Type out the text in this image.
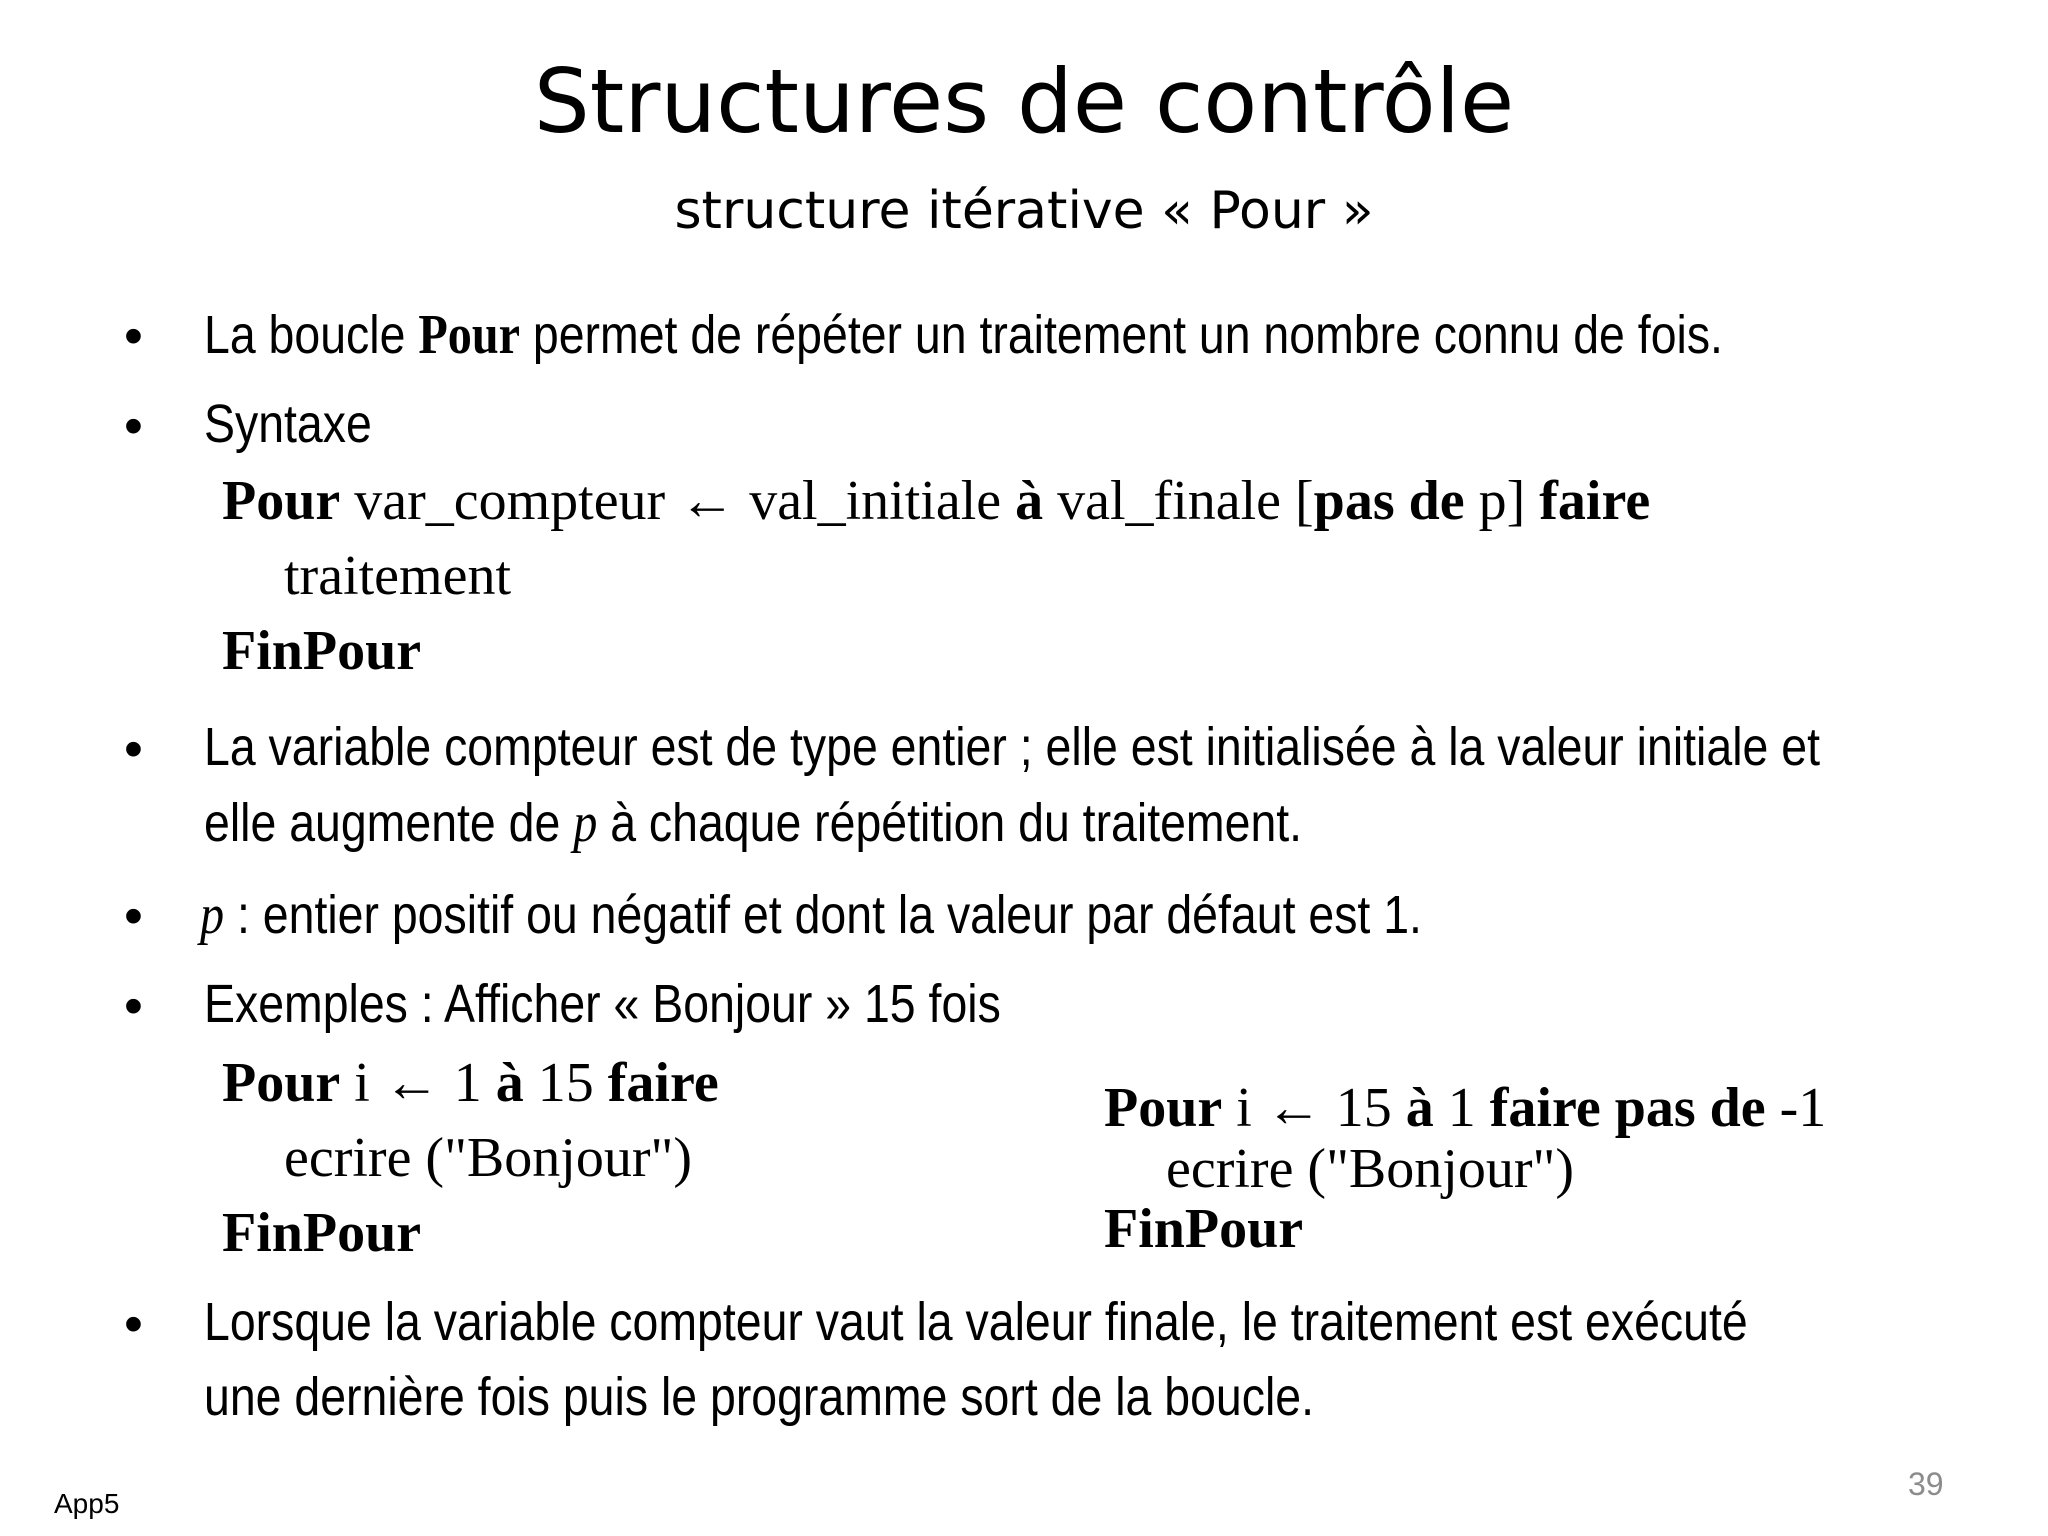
Structures de contrôle
structure itérative « Pour »
• La boucle Pour permet de répéter un traitement un nombre connu de fois.
• Syntaxe
Pour var_compteur ← val_initiale à val_finale [pas de p] faire
traitement
FinPour
• La variable compteur est de type entier ; elle est initialisée à la valeur initiale et
elle augmente de p à chaque répétition du traitement.
• p : entier positif ou négatif et dont la valeur par défaut est 1.
• Exemples : Afficher « Bonjour » 15 fois
Pour i ← 1 à 15 faire
ecrire ("Bonjour")
FinPour
Pour i ← 15 à 1 faire pas de -1
ecrire ("Bonjour")
FinPour
• Lorsque la variable compteur vaut la valeur finale, le traitement est exécuté
une dernière fois puis le programme sort de la boucle.
App5
39
